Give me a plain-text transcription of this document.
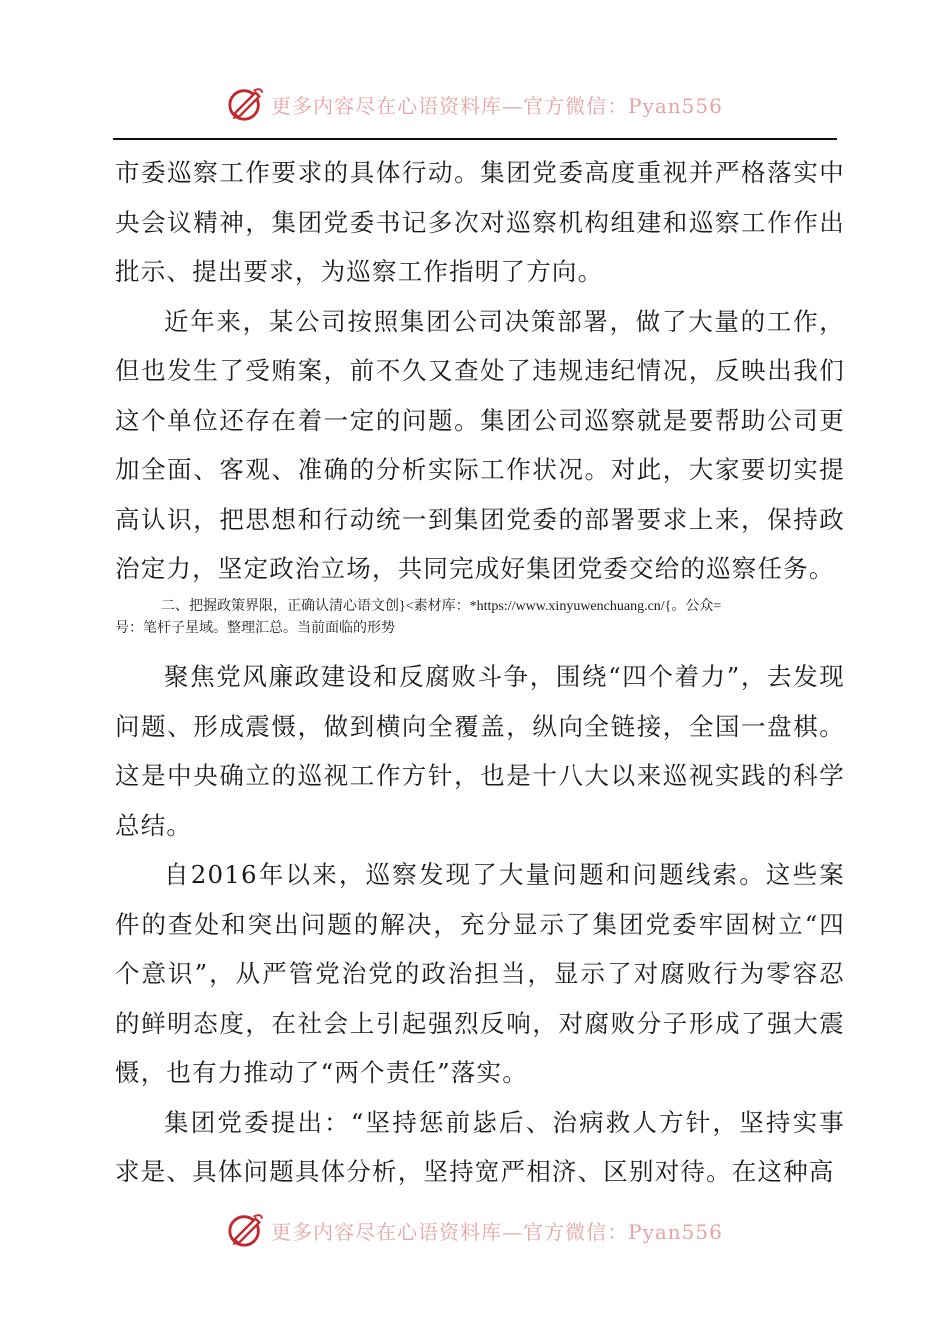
更多内容尽在心语资料库—官方微信：Pyan556

市委巡察工作要求的具体行动。集团党委高度重视并严格落实中央会议精神，集团党委书记多次对巡察机构组建和巡察工作作出批示、提出要求，为巡察工作指明了方向。

近年来，某公司按照集团公司决策部署，做了大量的工作，但也发生了受贿案，前不久又查处了违规违纪情况，反映出我们这个单位还存在着一定的问题。集团公司巡察就是要帮助公司更加全面、客观、准确的分析实际工作状况。对此，大家要切实提高认识，把思想和行动统一到集团党委的部署要求上来，保持政治定力，坚定政治立场，共同完成好集团党委交给的巡察任务。

二、把握政策界限，正确认清心语文创}<素材库：*https://www.xinyuwenchuang.cn/{。公众=
号：笔杆子星域。整理汇总。当前面临的形势

聚焦党风廉政建设和反腐败斗争，围绕“四个着力”，去发现问题、形成震慑，做到横向全覆盖，纵向全链接，全国一盘棋。这是中央确立的巡视工作方针，也是十八大以来巡视实践的科学总结。

自2016年以来，巡察发现了大量问题和问题线索。这些案件的查处和突出问题的解决，充分显示了集团党委牢固树立“四个意识”，从严管党治党的政治担当，显示了对腐败行为零容忍的鲜明态度，在社会上引起强烈反响，对腐败分子形成了强大震慑，也有力推动了“两个责任”落实。

集团党委提出：“坚持惩前毖后、治病救人方针，坚持实事求是、具体问题具体分析，坚持宽严相济、区别对待。在这种高

更多内容尽在心语资料库—官方微信：Pyan556
